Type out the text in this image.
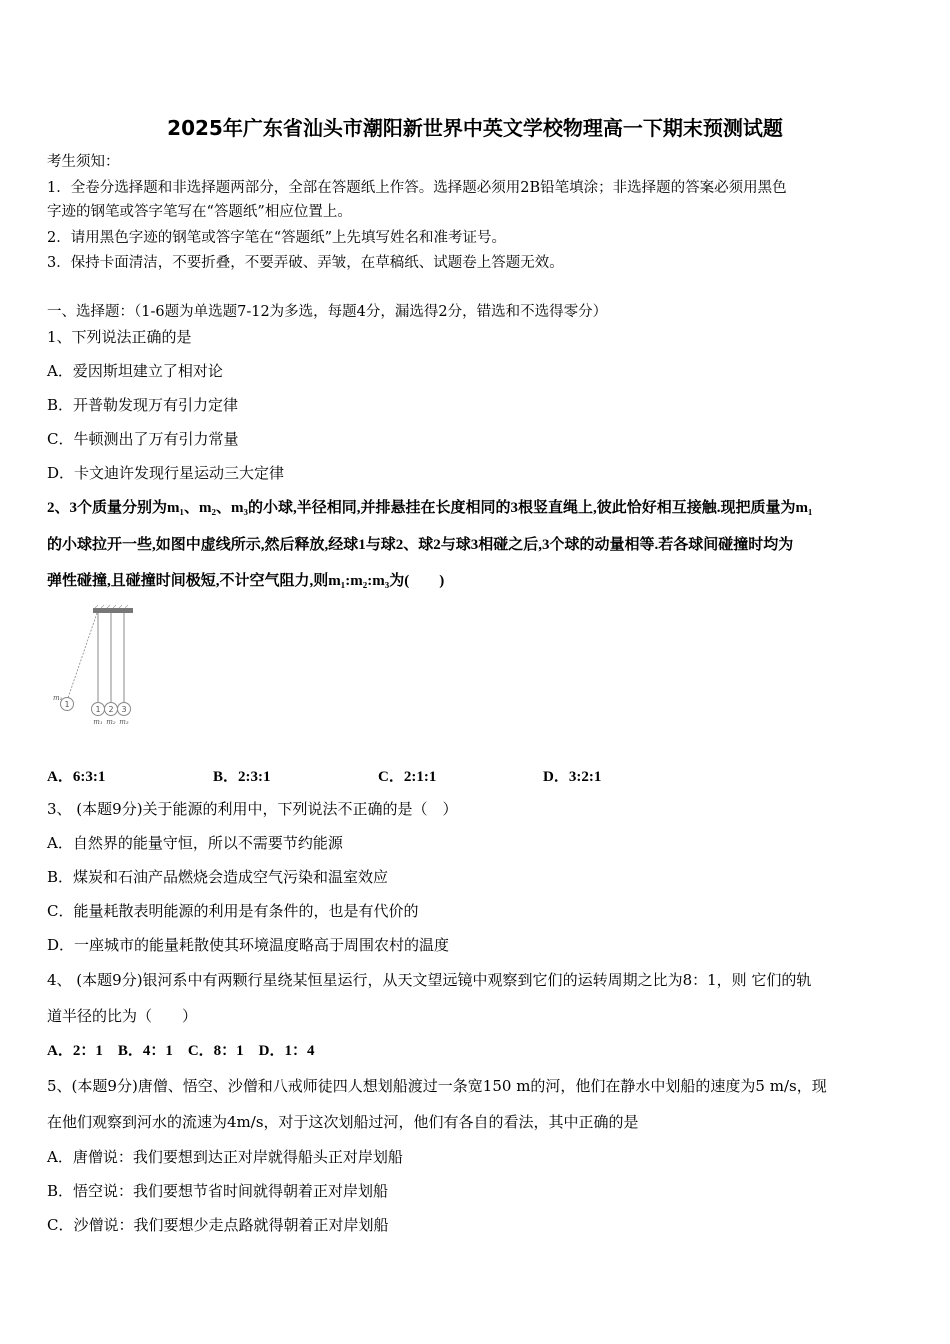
2025年广东省汕头市潮阳新世界中英文学校物理高一下期末预测试题
考生须知：
1．全卷分选择题和非选择题两部分，全部在答题纸上作答。选择题必须用2B铅笔填涂；非选择题的答案必须用黑色
字迹的钢笔或答字笔写在“答题纸”相应位置上。
2．请用黑色字迹的钢笔或答字笔在“答题纸”上先填写姓名和准考证号。
3．保持卡面清洁，不要折叠，不要弄破、弄皱，在草稿纸、试题卷上答题无效。
一、选择题：（1-6题为单选题7-12为多选，每题4分，漏选得2分，错选和不选得零分）
1、下列说法正确的是
A．爱因斯坦建立了相对论
B．开普勒发现万有引力定律
C．牛顿测出了万有引力常量
D．卡文迪许发现行星运动三大定律
2、3个质量分别为m₁、m₂、m₃的小球,半径相同,并排悬挂在长度相同的3根竖直绳上,彼此恰好相互接触.现把质量为m₁
的小球拉开一些,如图中虚线所示,然后释放,经球1与球2、球2与球3相碰之后,3个球的动量相等.若各球间碰撞时均为
弹性碰撞,且碰撞时间极短,不计空气阻力,则m₁:m₂:m₃为(　　)
1
1 2 3
m₁
m₁ m₂ m₃
A．6:3:1	B．2:3:1	C．2:1:1	D．3:2:1
3、 (本题9分)关于能源的利用中，下列说法不正确的是（　）
A．自然界的能量守恒，所以不需要节约能源
B．煤炭和石油产品燃烧会造成空气污染和温室效应
C．能量耗散表明能源的利用是有条件的，也是有代价的
D．一座城市的能量耗散使其环境温度略高于周围农村的温度
4、 (本题9分)银河系中有两颗行星绕某恒星运行，从天文望远镜中观察到它们的运转周期之比为8：1，则 它们的轨
道半径的比为（　　）
A．2：1　B．4：1　C．8：1　D．1：4
5、(本题9分)唐僧、悟空、沙僧和八戒师徒四人想划船渡过一条宽150 m的河，他们在静水中划船的速度为5 m/s，现
在他们观察到河水的流速为4m/s，对于这次划船过河，他们有各自的看法，其中正确的是
A．唐僧说：我们要想到达正对岸就得船头正对岸划船
B．悟空说：我们要想节省时间就得朝着正对岸划船
C．沙僧说：我们要想少走点路就得朝着正对岸划船
